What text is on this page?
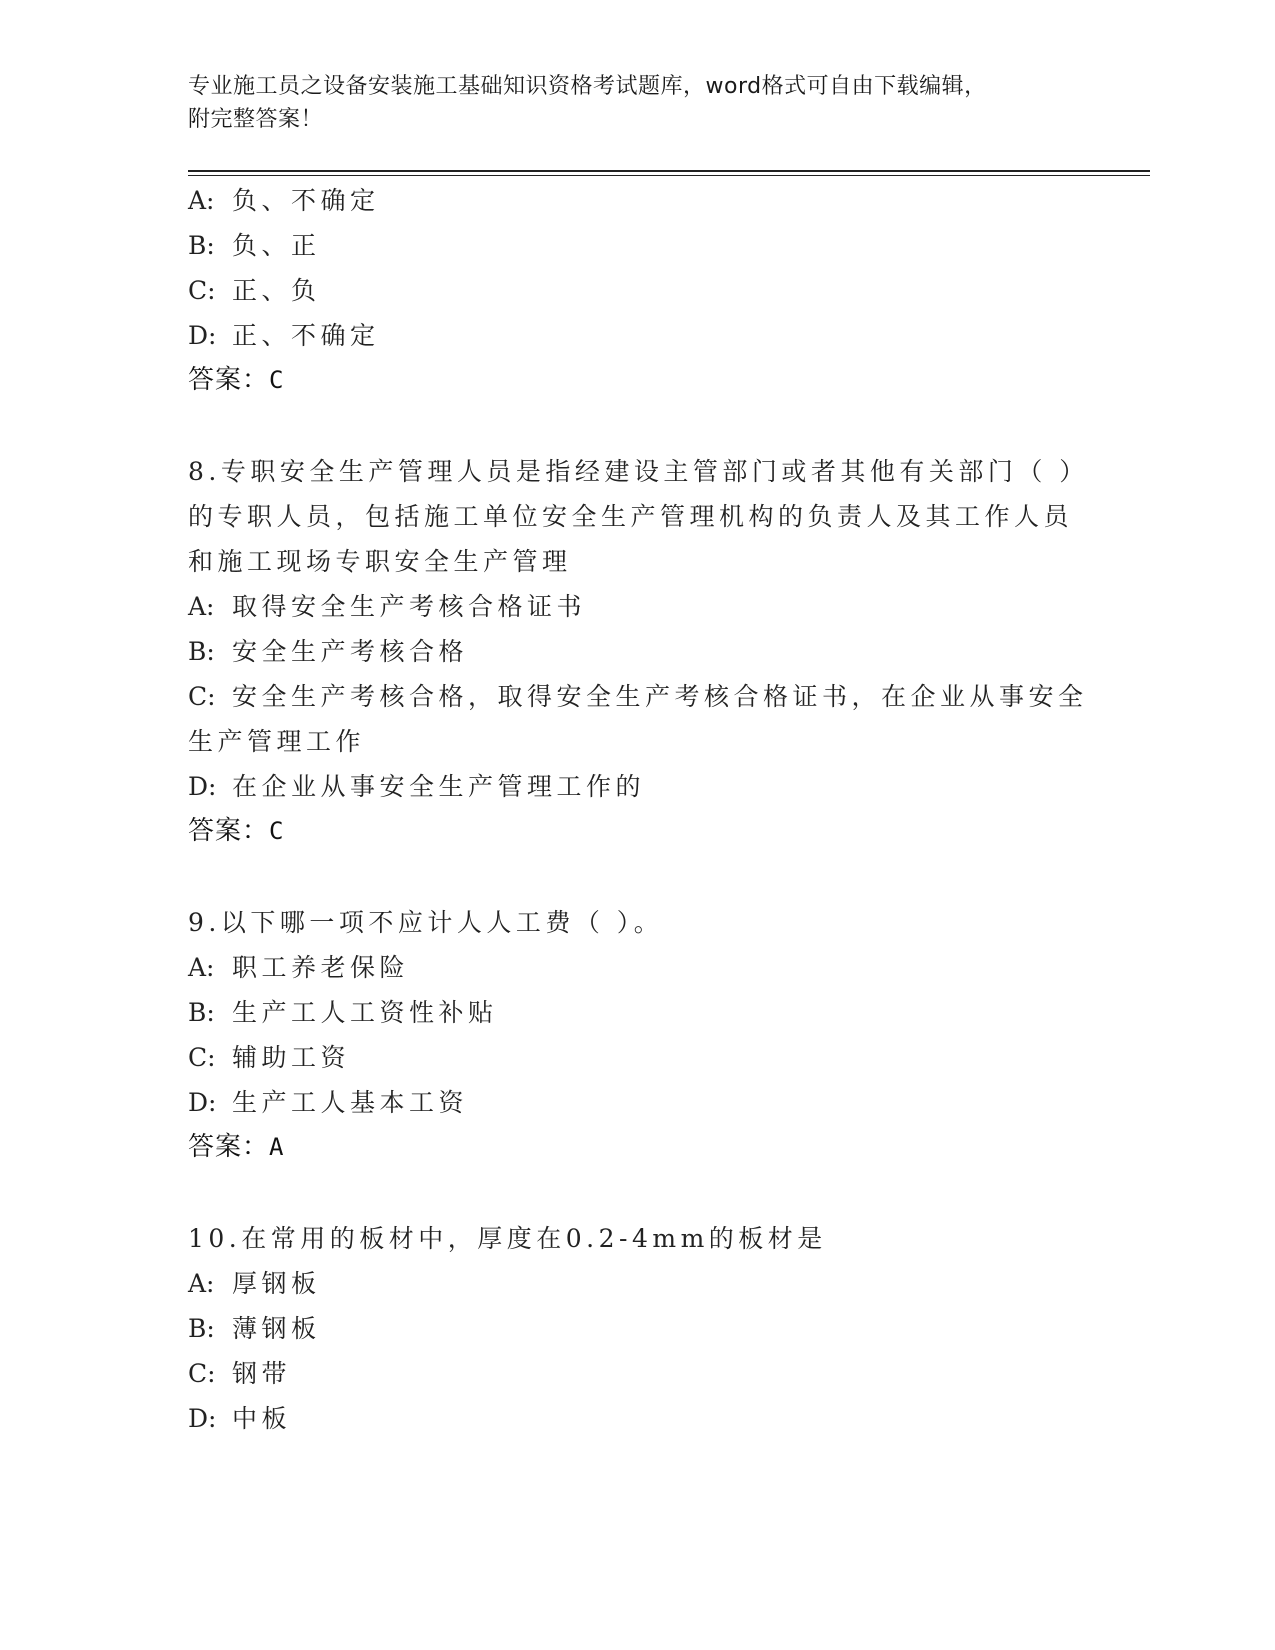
专业施工员之设备安装施工基础知识资格考试题库，word格式可自由下载编辑，
附完整答案！
A: 负、不确定
B: 负、正
C: 正、负
D: 正、不确定
答案：C
8.专职安全生产管理人员是指经建设主管部门或者其他有关部门（ ）
的专职人员，包括施工单位安全生产管理机构的负责人及其工作人员
和施工现场专职安全生产管理
A: 取得安全生产考核合格证书
B: 安全生产考核合格
C: 安全生产考核合格，取得安全生产考核合格证书，在企业从事安全
生产管理工作
D: 在企业从事安全生产管理工作的
答案：C
9.以下哪一项不应计人人工费（ ）。
A: 职工养老保险
B: 生产工人工资性补贴
C: 辅助工资
D: 生产工人基本工资
答案：A
10.在常用的板材中，厚度在0.2-4mm的板材是
A: 厚钢板
B: 薄钢板
C: 钢带
D: 中板
